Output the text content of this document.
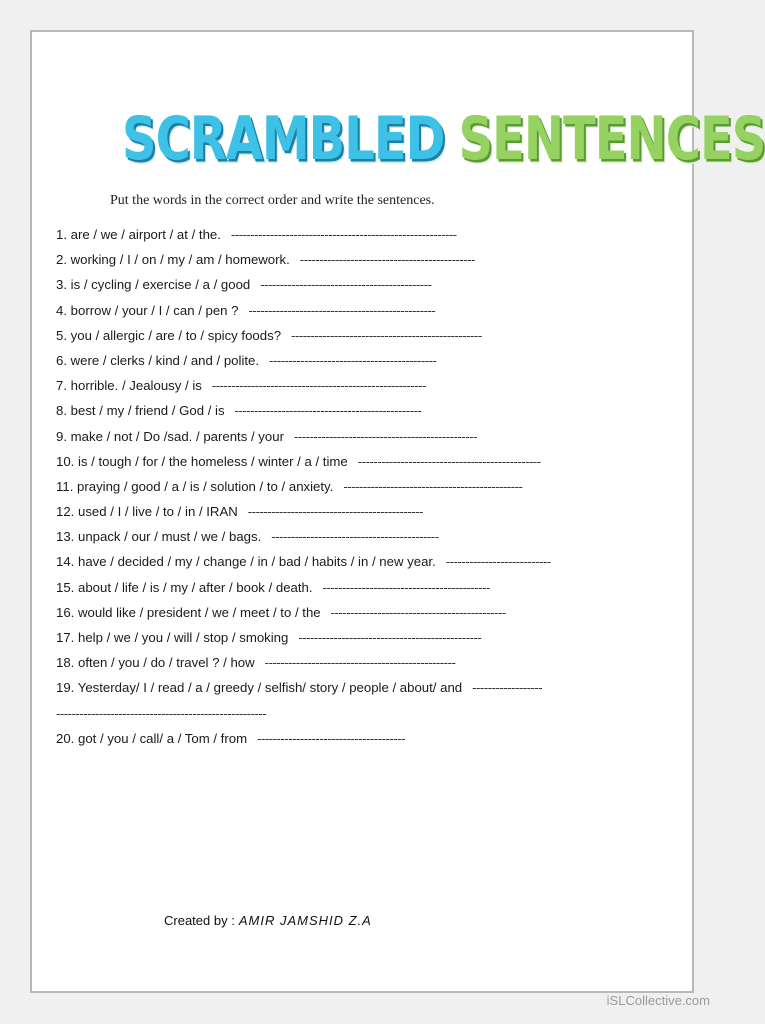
SCRAMBLED SENTENCES
Put the words in the correct order and write the sentences.
1. are / we / airport / at / the. ----------------------------------------------------------
2. working / I / on / my / am / homework.---------------------------------------------
3. is / cycling / exercise / a / good--------------------------------------------
4. borrow / your / I / can / pen ?------------------------------------------------
5. you / allergic / are / to / spicy foods?-------------------------------------------------
6. were / clerks / kind / and / polite.-------------------------------------------
7. horrible. / Jealousy / is-------------------------------------------------------
8. best / my / friend / God / is------------------------------------------------
9. make / not / Do /sad. / parents / your-----------------------------------------------
10. is / tough / for / the homeless / winter / a / time -----------------------------------------------
11. praying / good / a / is / solution / to / anxiety.----------------------------------------------
12. used / I / live / to / in / IRAN---------------------------------------------
13. unpack / our / must / we / bags.-------------------------------------------
14. have / decided / my / change / in / bad / habits / in / new year. ---------------------------
15. about / life / is / my / after / book / death.-------------------------------------------
16. would like / president / we / meet / to / the---------------------------------------------
17. help / we / you / will / stop / smoking-----------------------------------------------
18. often / you / do / travel ? / how-------------------------------------------------
19. Yesterday/ I / read / a / greedy / selfish/ story / people / about/ and ------------------
------------------------------------------------------
20. got / you / call/ a / Tom / from --------------------------------------
Created by : AMIR JAMSHID Z.A
iSLCollective.com
